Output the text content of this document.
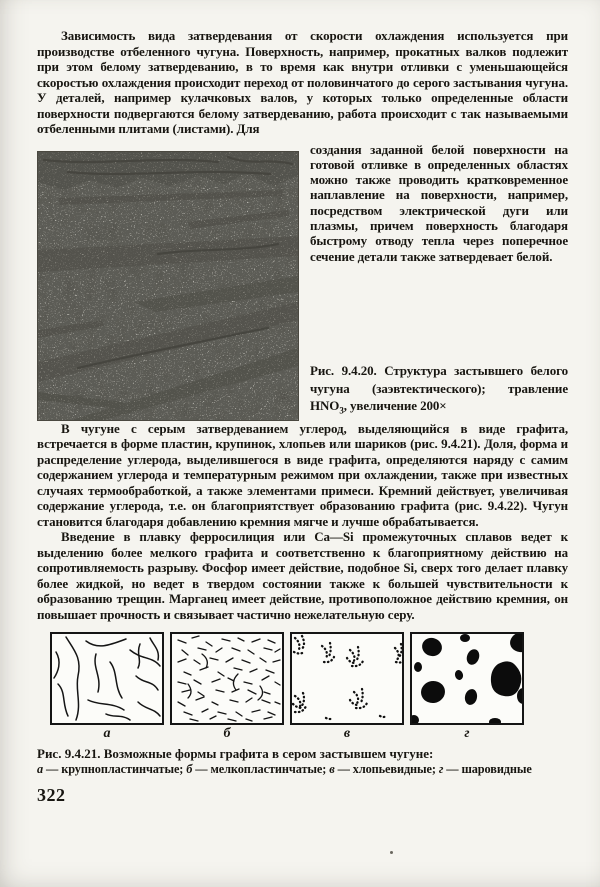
Зависимость вида затвердевания от скорости охлаждения используется при производстве отбеленного чугуна. Поверхность, например, прокатных валков подлежит при этом белому затвердеванию, в то время как внутри отливки с уменьшающейся скоростью охлаждения происходит переход от половинчатого до серого застывания чугуна. У деталей, например кулачковых валов, у которых только определенные области поверхности подвергаются белому затвердеванию, работа происходит с так называемыми отбеленными плитами (листами). Для

создания заданной белой поверхности на готовой отливке в определенных областях можно также проводить кратковременное наплавление на поверхности, например, посредством электрической дуги или плазмы, причем поверхность благодаря быстрому отводу тепла через поперечное сечение детали также затвердевает белой.

Рис. 9.4.20. Структура застывшего белого чугуна (заэвтектического); травление $HNO_3$, увеличение 200×

В чугуне с серым затвердеванием углерод, выделяющийся в виде графита, встречается в форме пластин, крупинок, хлопьев или шариков (рис. 9.4.21). Доля, форма и распределение углерода, выделившегося в виде графита, определяются наряду с самим содержанием углерода и температурным режимом при охлаждении, также при известных случаях термообработкой, а также элементами примеси. Кремний действует, увеличивая содержание углерода, т.е. он благоприятствует образованию графита (рис. 9.4.22). Чугун становится благодаря добавлению кремния мягче и лучше обрабатывается.

Введение в плавку ферросилиция или Ca—Si промежуточных сплавов ведет к выделению более мелкого графита и соответственно к благоприятному действию на сопротивляемость разрыву. Фосфор имеет действие, подобное Si, сверх того делает плавку более жидкой, но ведет в твердом состоянии также к большей чувствительности к образованию трещин. Марганец имеет действие, противоположное действию кремния, он повышает прочность и связывает частично нежелательную серу.

а	б	в	г
Рис. 9.4.21. Возможные формы графита в сером застывшем чугуне:
а — крупнопластинчатые; б — мелкопластинчатые; в — хлопьевидные; г — шаровидные
322
